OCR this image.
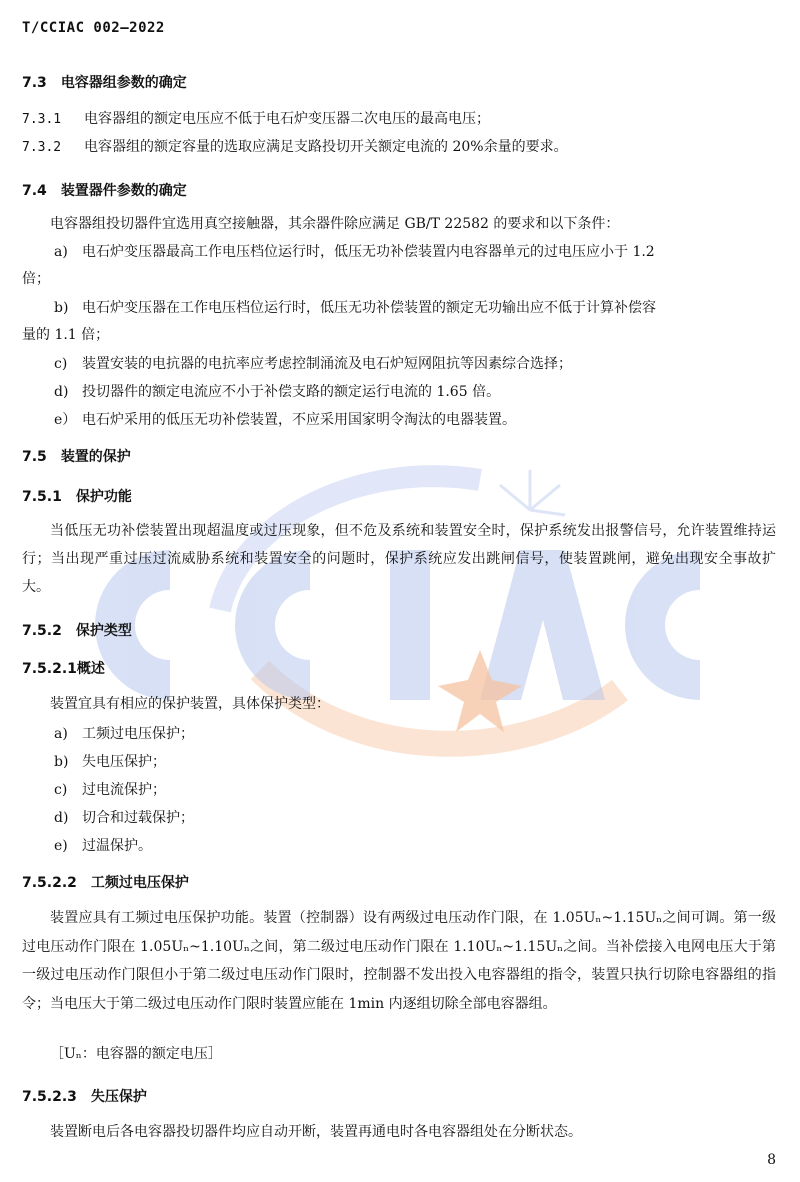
T/CCIAC 002—2022
7.3 电容器组参数的确定
7.3.1 电容器组的额定电压应不低于电石炉变压器二次电压的最高电压；
7.3.2 电容器组的额定容量的选取应满足支路投切开关额定电流的 20%余量的要求。
7.4 装置器件参数的确定
电容器组投切器件宜选用真空接触器，其余器件除应满足 GB/T 22582 的要求和以下条件：
a) 电石炉变压器最高工作电压档位运行时，低压无功补偿装置内电容器单元的过电压应小于 1.2
倍；
b) 电石炉变压器在工作电压档位运行时，低压无功补偿装置的额定无功输出应不低于计算补偿容
量的 1.1 倍；
c) 装置安装的电抗器的电抗率应考虑控制涌流及电石炉短网阻抗等因素综合选择；
d) 投切器件的额定电流应不小于补偿支路的额定运行电流的 1.65 倍。
e） 电石炉采用的低压无功补偿装置，不应采用国家明令淘汰的电器装置。
7.5 装置的保护
7.5.1 保护功能
当低压无功补偿装置出现超温度或过压现象，但不危及系统和装置安全时，保护系统发出报警信号，允许装置维持运行；当出现严重过压过流威胁系统和装置安全的问题时，保护系统应发出跳闸信号，使装置跳闸，避免出现安全事故扩大。
7.5.2 保护类型
7.5.2.1概述
装置宜具有相应的保护装置，具体保护类型：
a) 工频过电压保护；
b) 失电压保护；
c) 过电流保护；
d) 切合和过载保护；
e) 过温保护。
7.5.2.2 工频过电压保护
装置应具有工频过电压保护功能。装置（控制器）设有两级过电压动作门限，在 1.05Uₙ~1.15Uₙ之间可调。第一级过电压动作门限在 1.05Uₙ~1.10Uₙ之间，第二级过电压动作门限在 1.10Uₙ~1.15Uₙ之间。当补偿接入电网电压大于第一级过电压动作门限但小于第二级过电压动作门限时，控制器不发出投入电容器组的指令，装置只执行切除电容器组的指令；当电压大于第二级过电压动作门限时装置应能在 1min 内逐组切除全部电容器组。
［Uₙ：电容器的额定电压］
7.5.2.3 失压保护
装置断电后各电容器投切器件均应自动开断，装置再通电时各电容器组处在分断状态。
8
